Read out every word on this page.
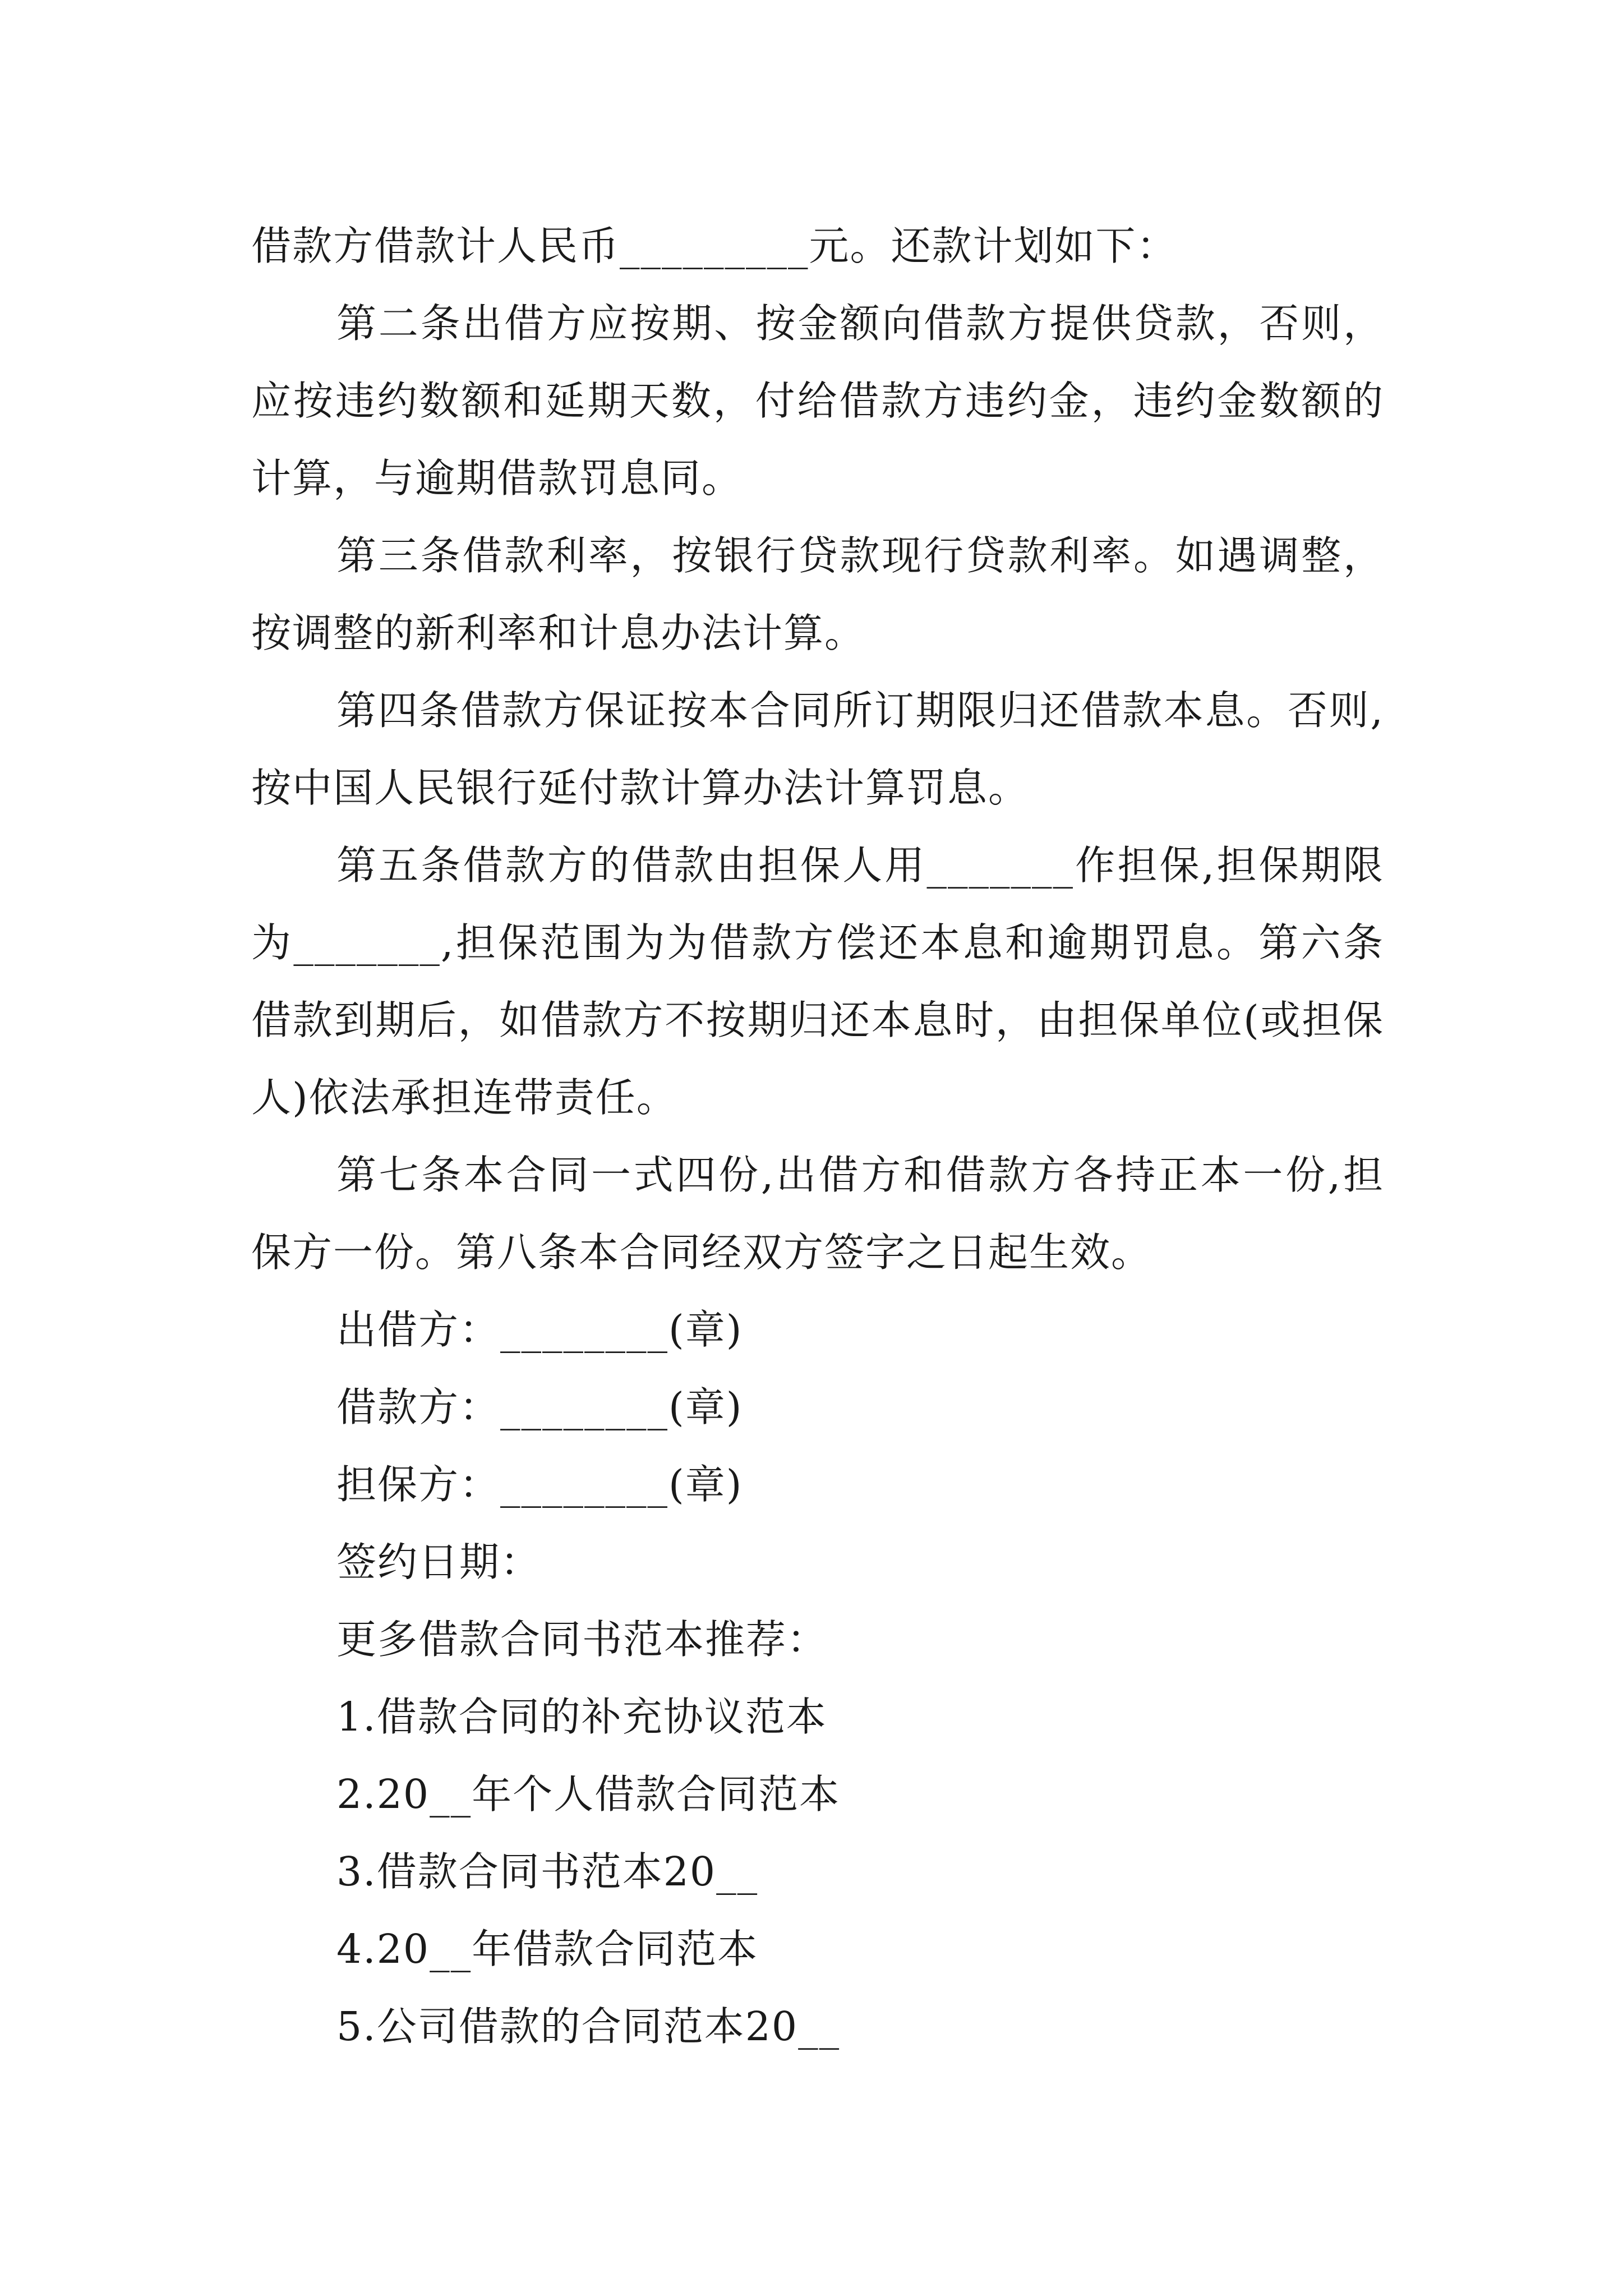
借款方借款计人民币_________元。还款计划如下：

第二条出借方应按期、按金额向借款方提供贷款，否则，应按违约数额和延期天数，付给借款方违约金，违约金数额的计算，与逾期借款罚息同。

第三条借款利率，按银行贷款现行贷款利率。如遇调整，按调整的新利率和计息办法计算。

第四条借款方保证按本合同所订期限归还借款本息。否则,按中国人民银行延付款计算办法计算罚息。

第五条借款方的借款由担保人用_______作担保,担保期限为_______,担保范围为为借款方偿还本息和逾期罚息。第六条借款到期后，如借款方不按期归还本息时，由担保单位(或担保人)依法承担连带责任。

第七条本合同一式四份,出借方和借款方各持正本一份,担保方一份。第八条本合同经双方签字之日起生效。

出借方：________(章)

借款方：________(章)

担保方：________(章)

签约日期：

更多借款合同书范本推荐：

1.借款合同的补充协议范本

2.20__年个人借款合同范本

3.借款合同书范本20__

4.20__年借款合同范本

5.公司借款的合同范本20__
